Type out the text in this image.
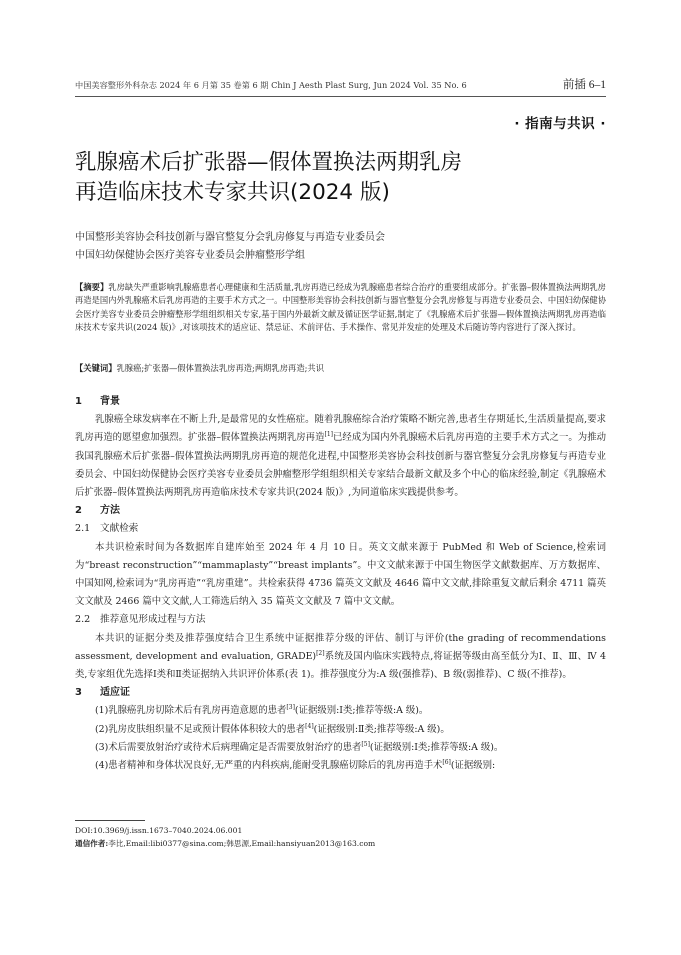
中国美容整形外科杂志 2024 年 6 月第 35 卷第 6 期 Chin J Aesth Plast Surg, Jun 2024 Vol. 35 No. 6	前插 6–1
· 指南与共识 ·
乳腺癌术后扩张器—假体置换法两期乳房
再造临床技术专家共识(2024 版)
中国整形美容协会科技创新与器官整复分会乳房修复与再造专业委员会
中国妇幼保健协会医疗美容专业委员会肿瘤整形学组
【摘要】乳房缺失严重影响乳腺癌患者心理健康和生活质量,乳房再造已经成为乳腺癌患者综合治疗的重要组成部分。扩张器–假体置换法两期乳房再造是国内外乳腺癌术后乳房再造的主要手术方式之一。中国整形美容协会科技创新与器官整复分会乳房修复与再造专业委员会、中国妇幼保健协会医疗美容专业委员会肿瘤整形学组组织相关专家,基于国内外最新文献及循证医学证据,制定了《乳腺癌术后扩张器—假体置换法两期乳房再造临床技术专家共识(2024 版)》,对该项技术的适应证、禁忌证、术前评估、手术操作、常见并发症的处理及术后随访等内容进行了深入探讨。
【关键词】乳腺癌;扩张器—假体置换法乳房再造;两期乳房再造;共识
1 背景
乳腺癌全球发病率在不断上升,是最常见的女性癌症。随着乳腺癌综合治疗策略不断完善,患者生存期延长,生活质量提高,要求乳房再造的愿望愈加强烈。扩张器–假体置换法两期乳房再造[1]已经成为国内外乳腺癌术后乳房再造的主要手术方式之一。为推动我国乳腺癌术后扩张器–假体置换法两期乳房再造的规范化进程,中国整形美容协会科技创新与器官整复分会乳房修复与再造专业委员会、中国妇幼保健协会医疗美容专业委员会肿瘤整形学组组织相关专家结合最新文献及多个中心的临床经验,制定《乳腺癌术后扩张器–假体置换法两期乳房再造临床技术专家共识(2024 版)》,为同道临床实践提供参考。
2 方法
2.1 文献检索
本共识检索时间为各数据库自建库始至 2024 年 4 月 10 日。英文文献来源于 PubMed 和 Web of Science,检索词为“breast reconstruction”“mammaplasty”“breast implants”。中文文献来源于中国生物医学文献数据库、万方数据库、中国知网,检索词为“乳房再造”“乳房重建”。共检索获得 4736 篇英文文献及 4646 篇中文文献,排除重复文献后剩余 4711 篇英文文献及 2466 篇中文文献,人工筛选后纳入 35 篇英文文献及 7 篇中文文献。
2.2 推荐意见形成过程与方法
本共识的证据分类及推荐强度结合卫生系统中证据推荐分级的评估、制订与评价(the grading of recommendations assessment, development and evaluation, GRADE)[2]系统及国内临床实践特点,将证据等级由高至低分为Ⅰ、Ⅱ、Ⅲ、Ⅳ 4 类,专家组优先选择Ⅰ类和Ⅱ类证据纳入共识评价体系(表 1)。推荐强度分为:A 级(强推荐)、B 级(弱推荐)、C 级(不推荐)。
3 适应证
(1)乳腺癌乳房切除术后有乳房再造意愿的患者[3](证据级别:Ⅰ类;推荐等级:A 级)。
(2)乳房皮肤组织量不足或预计假体体积较大的患者[4](证据级别:Ⅱ类;推荐等级:A 级)。
(3)术后需要放射治疗或待术后病理确定是否需要放射治疗的患者[5](证据级别:Ⅰ类;推荐等级:A 级)。
(4)患者精神和身体状况良好,无严重的内科疾病,能耐受乳腺癌切除后的乳房再造手术[6](证据级别:
DOI:10.3969/j.issn.1673–7040.2024.06.001
通信作者:李比,Email:libi0377@sina.com;韩思源,Email:hansiyuan2013@163.com
